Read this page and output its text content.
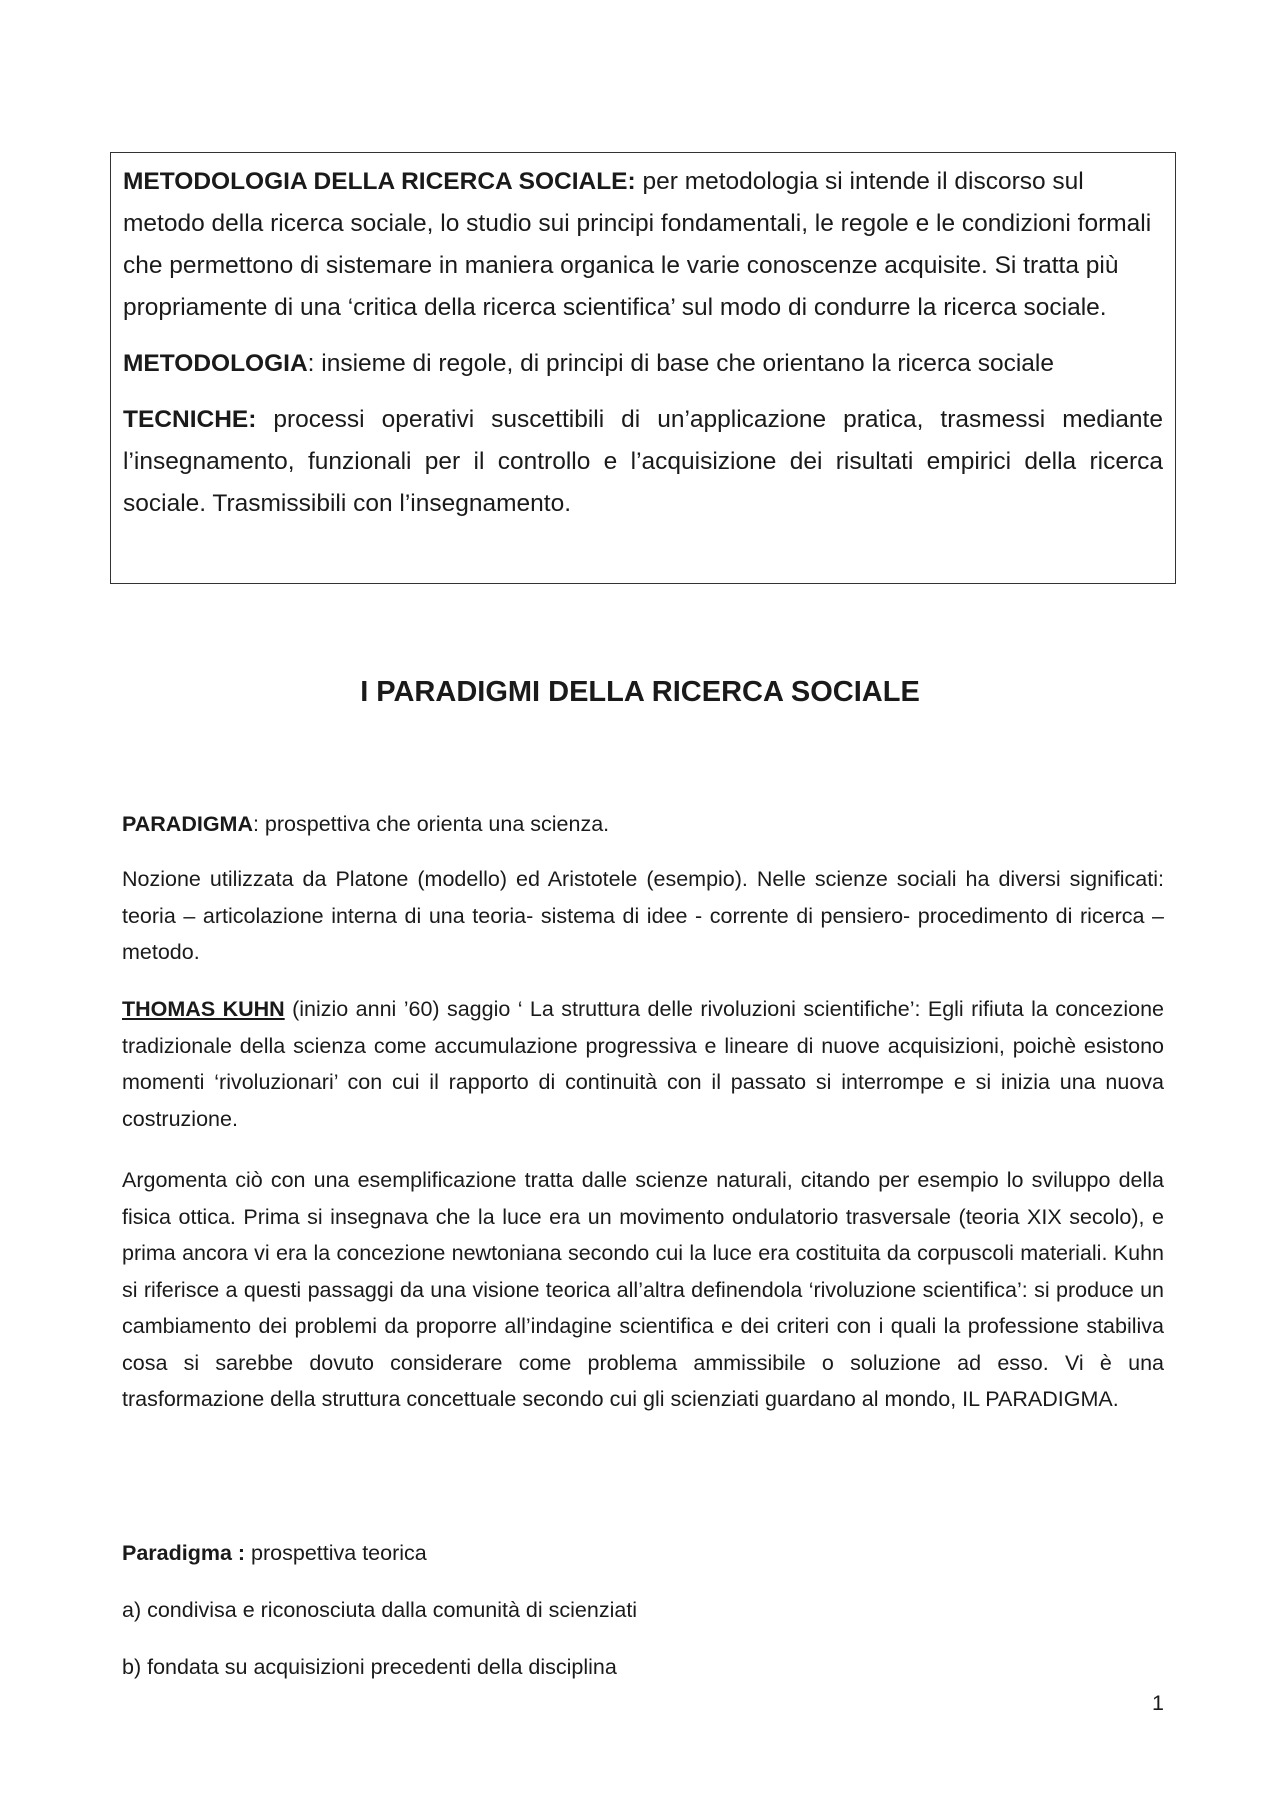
METODOLOGIA DELLA RICERCA SOCIALE: per metodologia si intende il discorso sul metodo della ricerca sociale, lo studio sui principi fondamentali, le regole e le condizioni formali che permettono di sistemare in maniera organica le varie conoscenze acquisite. Si tratta più propriamente di una ‘critica della ricerca scientifica’ sul modo di condurre la ricerca sociale.

METODOLOGIA: insieme di regole, di principi di base che orientano la ricerca sociale

TECNICHE: processi operativi suscettibili di un’applicazione pratica, trasmessi mediante l’insegnamento, funzionali per il controllo e l’acquisizione dei risultati empirici della ricerca sociale. Trasmissibili con l’insegnamento.

I PARADIGMI DELLA RICERCA SOCIALE

PARADIGMA: prospettiva che orienta una scienza.

Nozione utilizzata da Platone (modello) ed Aristotele (esempio). Nelle scienze sociali ha diversi significati: teoria – articolazione interna di una teoria- sistema di idee - corrente di pensiero- procedimento di ricerca – metodo.

THOMAS KUHN (inizio anni ’60) saggio ‘ La struttura delle rivoluzioni scientifiche’: Egli rifiuta la concezione tradizionale della scienza come accumulazione progressiva e lineare di nuove acquisizioni, poichè esistono momenti ‘rivoluzionari’ con cui il rapporto di continuità con il passato si interrompe e si inizia una nuova costruzione.

Argomenta ciò con una esemplificazione tratta dalle scienze naturali, citando per esempio lo sviluppo della fisica ottica. Prima si insegnava che la luce era un movimento ondulatorio trasversale (teoria XIX secolo), e prima ancora vi era la concezione newtoniana secondo cui la luce era costituita da corpuscoli materiali. Kuhn si riferisce a questi passaggi da una visione teorica all’altra definendola ‘rivoluzione scientifica’: si produce un cambiamento dei problemi da proporre all’indagine scientifica e dei criteri con i quali la professione stabiliva cosa si sarebbe dovuto considerare come problema ammissibile o soluzione ad esso. Vi è una trasformazione della struttura concettuale secondo cui gli scienziati guardano al mondo, IL PARADIGMA.

Paradigma : prospettiva teorica

a) condivisa e riconosciuta dalla comunità di scienziati

b) fondata su acquisizioni precedenti della disciplina

1
